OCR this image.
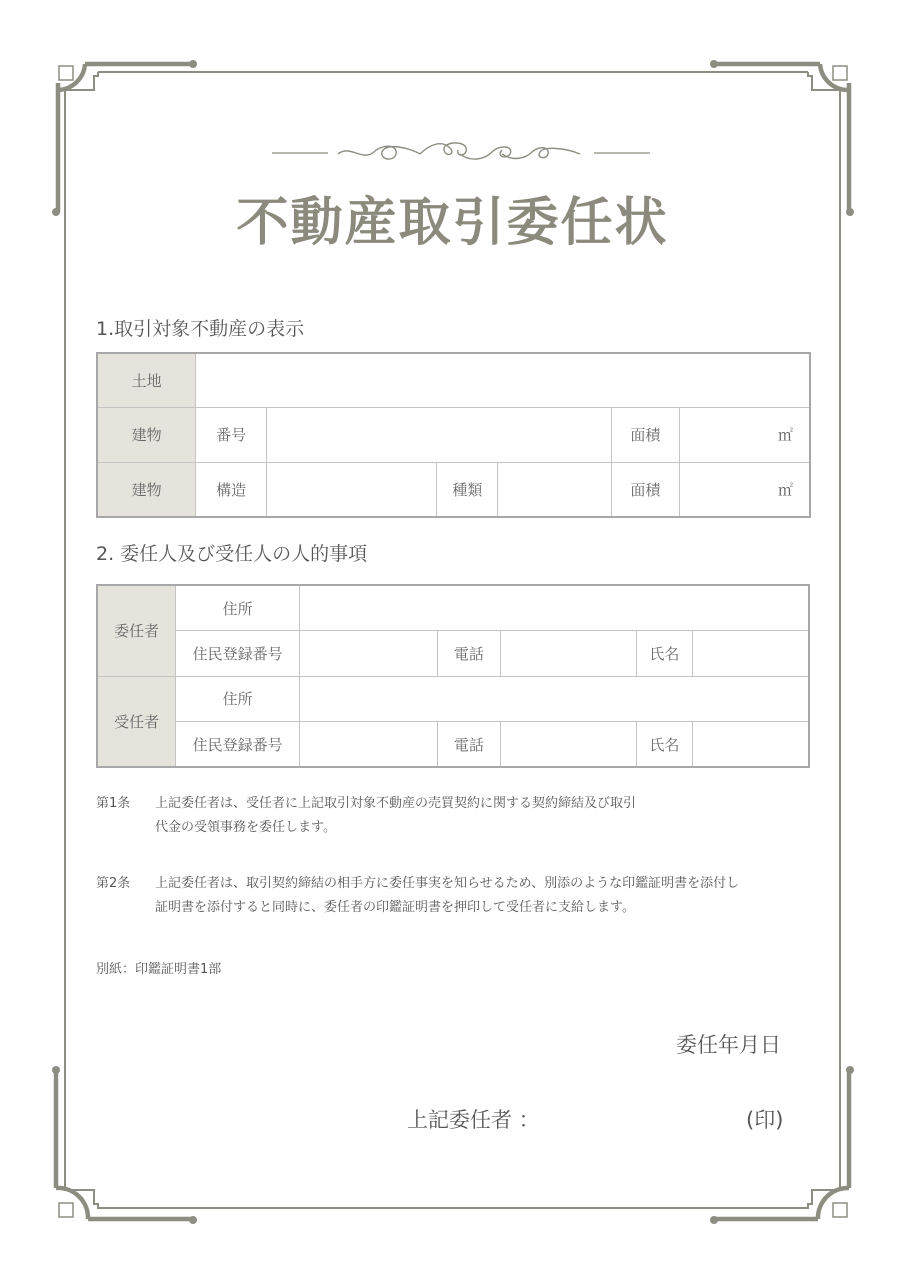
不動産取引委任状
1.取引対象不動産の表示
土地						
建物	番号				面積	㎡
建物	構造		種類		面積	㎡
2. 委任人及び受任人の人的事項
委任者	住所					
	住民登録番号		電話		氏名	
受任者	住所					
	住民登録番号		電話		氏名	
第1条	上記委任者は、受任者に上記取引対象不動産の売買契約に関する契約締結及び取引
代金の受領事務を委任します。
第2条	上記委任者は、取引契約締結の相手方に委任事実を知らせるため、別添のような印鑑証明書を添付し
証明書を添付すると同時に、委任者の印鑑証明書を押印して受任者に支給します。
別紙：印鑑証明書1部
委任年月日
上記委任者 ：	(印)
